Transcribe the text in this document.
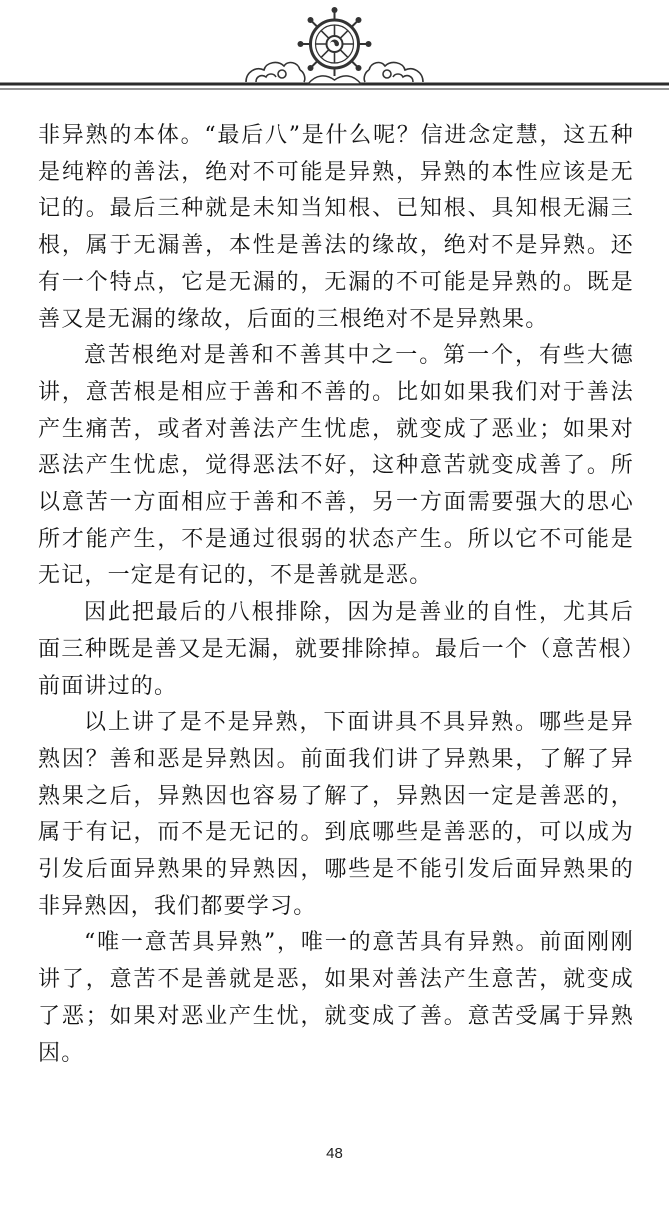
非异熟的本体。“最后八”是什么呢？信进念定慧，这五种是纯粹的善法，绝对不可能是异熟，异熟的本性应该是无记的。最后三种就是未知当知根、已知根、具知根无漏三根，属于无漏善，本性是善法的缘故，绝对不是异熟。还有一个特点，它是无漏的，无漏的不可能是异熟的。既是善又是无漏的缘故，后面的三根绝对不是异熟果。

意苦根绝对是善和不善其中之一。第一个，有些大德讲，意苦根是相应于善和不善的。比如如果我们对于善法产生痛苦，或者对善法产生忧虑，就变成了恶业；如果对恶法产生忧虑，觉得恶法不好，这种意苦就变成善了。所以意苦一方面相应于善和不善，另一方面需要强大的思心所才能产生，不是通过很弱的状态产生。所以它不可能是无记，一定是有记的，不是善就是恶。

因此把最后的八根排除，因为是善业的自性，尤其后面三种既是善又是无漏，就要排除掉。最后一个（意苦根）前面讲过的。

以上讲了是不是异熟，下面讲具不具异熟。哪些是异熟因？善和恶是异熟因。前面我们讲了异熟果，了解了异熟果之后，异熟因也容易了解了，异熟因一定是善恶的，属于有记，而不是无记的。到底哪些是善恶的，可以成为引发后面异熟果的异熟因，哪些是不能引发后面异熟果的非异熟因，我们都要学习。

“唯一意苦具异熟”，唯一的意苦具有异熟。前面刚刚讲了，意苦不是善就是恶，如果对善法产生意苦，就变成了恶；如果对恶业产生忧，就变成了善。意苦受属于异熟因。

48
